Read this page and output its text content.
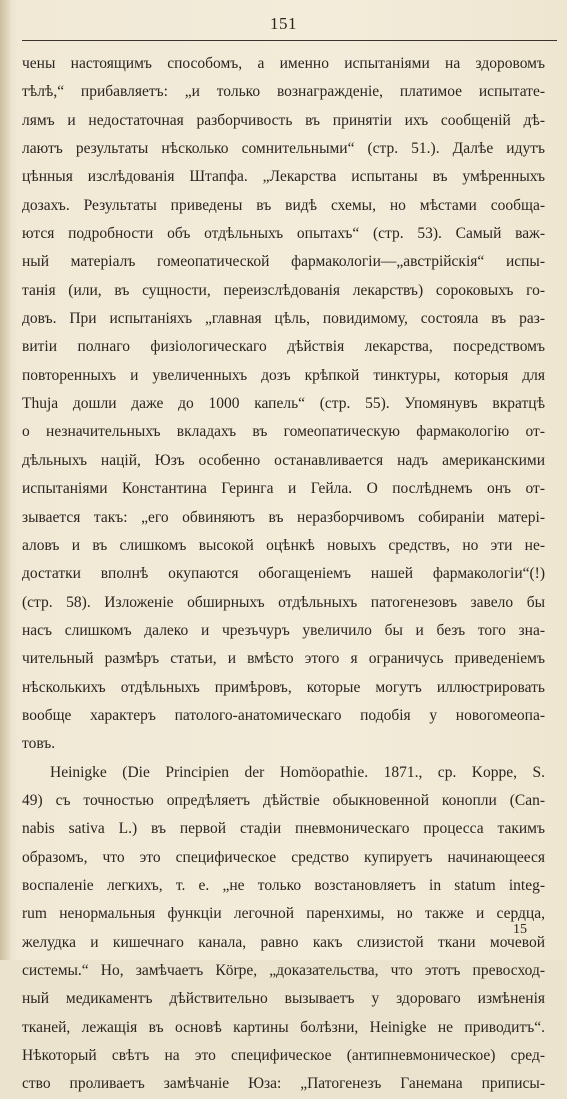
151
чены настоящимъ способомъ, а именно испытаніями на здоровомъ
тѣлѣ,“ прибавляетъ: „и только вознагражденіе, платимое испытате-
лямъ и недостаточная разборчивость въ принятіи ихъ сообщеній дѣ-
лаютъ результаты нѣсколько сомнительными“ (стр. 51.). Далѣе идутъ
цѣнныя изслѣдованія Штапфа. „Лекарства испытаны въ умѣренныхъ
дозахъ. Результаты приведены въ видѣ схемы, но мѣстами сообща-
ются подробности объ отдѣльныхъ опытахъ“ (стр. 53). Самый важ-
ный матеріалъ гомеопатической фармакологіи—„австрійскія“ испы-
танія (или, въ сущности, переизслѣдованія лекарствъ) сороковыхъ го-
довъ. При испытаніяхъ „главная цѣль, повидимому, состояла въ раз-
витіи полнаго физіологическаго дѣйствія лекарства, посредствомъ
повторенныхъ и увеличенныхъ дозъ крѣпкой тинктуры, которыя для
Thuja дошли даже до 1000 капель“ (стр. 55). Упомянувъ вкратцѣ
о незначительныхъ вкладахъ въ гомеопатическую фармакологію от-
дѣльныхъ націй, Юзъ особенно останавливается надъ американскими
испытаніями Константина Геринга и Гейла. О послѣднемъ онъ от-
зывается такъ: „его обвиняютъ въ неразборчивомъ собираніи матері-
аловъ и въ слишкомъ высокой оцѣнкѣ новыхъ средствъ, но эти не-
достатки вполнѣ окупаются обогащеніемъ нашей фармакологіи“(!)
(стр. 58). Изложеніе обширныхъ отдѣльныхъ патогенезовъ завело бы
насъ слишкомъ далеко и чрезъчуръ увеличило бы и безъ того зна-
чительный размѣръ статьи, и вмѣсто этого я ограничусь приведеніемъ
нѣсколькихъ отдѣльныхъ примѣровъ, которые могутъ иллюстрировать
вообще характеръ патолого-анатомическаго подобія у новогомеопа-
товъ.
Heinigke (Die Principien der Homöopathie. 1871., cp. Koppe, S.
49) съ точностью опредѣляетъ дѣйствіе обыкновенной конопли (Can-
nabis sativa L.) въ первой стадіи пневмоническаго процесса такимъ
образомъ, что это специфическое средство купируетъ начинающееся
воспаленіе легкихъ, т. е. „не только возстановляетъ in statum integ-
rum ненормальныя функціи легочной паренхимы, но также и сердца,
желудка и кишечнаго канала, равно какъ слизистой ткани мочевой
системы.“ Но, замѣчаетъ Кörре, „доказательства, что этотъ превосход-
ный медикаментъ дѣйствительно вызываетъ у здороваго измѣненія
тканей, лежащія въ основѣ картины болѣзни, Heinigke не приводитъ“.
Нѣкоторый свѣтъ на это специфическое (антипневмоническое) сред-
ство проливаетъ замѣчаніе Юза: „Патогенезъ Ганемана приписы-
15
